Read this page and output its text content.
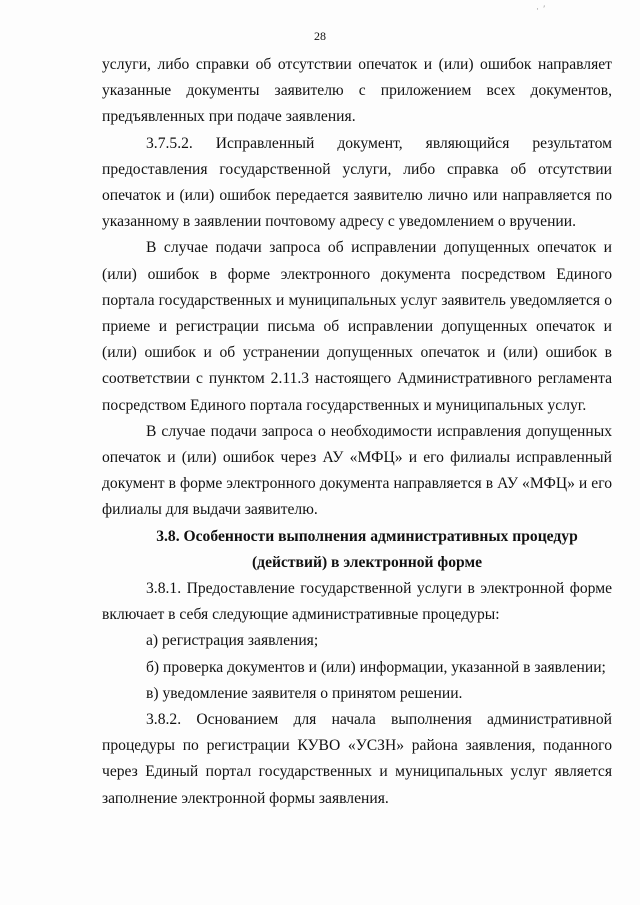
· ′
28

услуги, либо справки об отсутствии опечаток и (или) ошибок направляет указанные документы заявителю с приложением всех документов, предъявленных при подаче заявления.

3.7.5.2. Исправленный документ, являющийся результатом предоставления государственной услуги, либо справка об отсутствии опечаток и (или) ошибок передается заявителю лично или направляется по указанному в заявлении почтовому адресу с уведомлением о вручении.

В случае подачи запроса об исправлении допущенных опечаток и (или) ошибок в форме электронного документа посредством Единого портала государственных и муниципальных услуг заявитель уведомляется о приеме и регистрации письма об исправлении допущенных опечаток и (или) ошибок и об устранении допущенных опечаток и (или) ошибок в соответствии с пунктом 2.11.3 настоящего Административного регламента посредством Единого портала государственных и муниципальных услуг.

В случае подачи запроса о необходимости исправления допущенных опечаток и (или) ошибок через АУ «МФЦ» и его филиалы исправленный документ в форме электронного документа направляется в АУ «МФЦ» и его филиалы для выдачи заявителю.

3.8. Особенности выполнения административных процедур
(действий) в электронной форме

3.8.1. Предоставление государственной услуги в электронной форме включает в себя следующие административные процедуры:

а) регистрация заявления;

б) проверка документов и (или) информации, указанной в заявлении;

в) уведомление заявителя о принятом решении.

3.8.2. Основанием для начала выполнения административной процедуры по регистрации КУВО «УСЗН» района заявления, поданного через Единый портал государственных и муниципальных услуг является заполнение электронной формы заявления.
